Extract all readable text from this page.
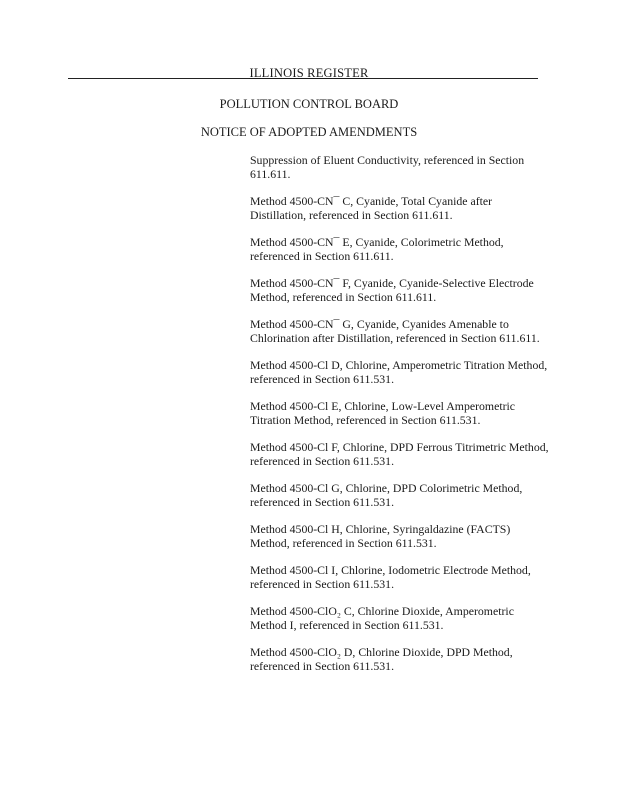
ILLINOIS REGISTER
POLLUTION CONTROL BOARD
NOTICE OF ADOPTED AMENDMENTS
Suppression of Eluent Conductivity, referenced in Section 611.611.
Method 4500-CN¯ C, Cyanide, Total Cyanide after Distillation, referenced in Section 611.611.
Method 4500-CN¯ E, Cyanide, Colorimetric Method, referenced in Section 611.611.
Method 4500-CN¯ F, Cyanide, Cyanide-Selective Electrode Method, referenced in Section 611.611.
Method 4500-CN¯ G, Cyanide, Cyanides Amenable to Chlorination after Distillation, referenced in Section 611.611.
Method 4500-Cl D, Chlorine, Amperometric Titration Method, referenced in Section 611.531.
Method 4500-Cl E, Chlorine, Low-Level Amperometric Titration Method, referenced in Section 611.531.
Method 4500-Cl F, Chlorine, DPD Ferrous Titrimetric Method, referenced in Section 611.531.
Method 4500-Cl G, Chlorine, DPD Colorimetric Method, referenced in Section 611.531.
Method 4500-Cl H, Chlorine, Syringaldazine (FACTS) Method, referenced in Section 611.531.
Method 4500-Cl I, Chlorine, Iodometric Electrode Method, referenced in Section 611.531.
Method 4500-ClO₂ C, Chlorine Dioxide, Amperometric Method I, referenced in Section 611.531.
Method 4500-ClO₂ D, Chlorine Dioxide, DPD Method, referenced in Section 611.531.
